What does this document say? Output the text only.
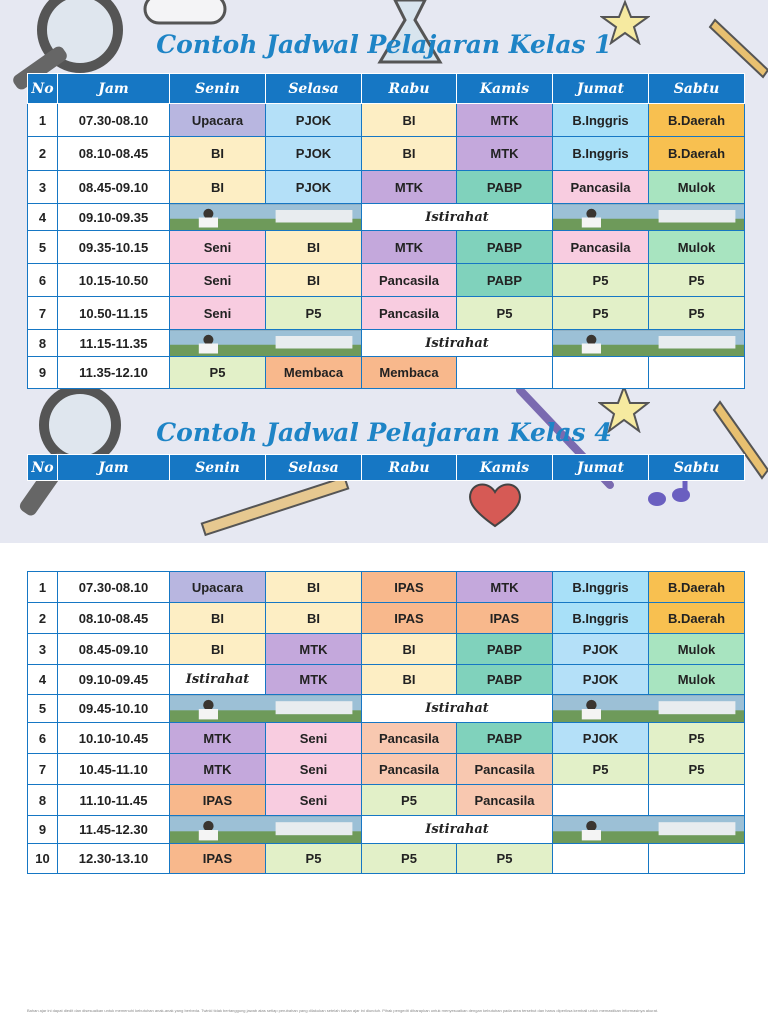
Contoh Jadwal Pelajaran Kelas 1
No	Jam	Senin	Selasa	Rabu	Kamis	Jumat	Sabtu
1	07.30-08.10	Upacara	PJOK	BI	MTK	B.Inggris	B.Daerah
2	08.10-08.45	BI	PJOK	BI	MTK	B.Inggris	B.Daerah
3	08.45-09.10	BI	PJOK	MTK	PABP	Pancasila	Mulok
4	09.10-09.35			Istirahat	

5	09.35-10.15	Seni	BI	MTK	PABP	Pancasila	Mulok
6	10.15-10.50	Seni	BI	Pancasila	PABP	P5	P5
7	10.50-11.15	Seni	P5	Pancasila	P5	P5	P5
8	11.15-11.35			Istirahat	

9	11.35-12.10	P5	Membaca	Membaca			
Contoh Jadwal Pelajaran Kelas 4
No	Jam	Senin	Selasa	Rabu	Kamis	Jumat	Sabtu
1	07.30-08.10	Upacara	BI	IPAS	MTK	B.Inggris	B.Daerah
2	08.10-08.45	BI	BI	IPAS	IPAS	B.Inggris	B.Daerah
3	08.45-09.10	BI	MTK	BI	PABP	PJOK	Mulok
4	09.10-09.45	Istirahat	MTK	BI	PABP	PJOK	Mulok
5	09.45-10.10			Istirahat	

6	10.10-10.45	MTK	Seni	Pancasila	PABP	PJOK	P5
7	10.45-11.10	MTK	Seni	Pancasila	Pancasila	P5	P5
8	11.10-11.45	IPAS	Seni	P5	Pancasila		
9	11.45-12.30			Istirahat	

10	12.30-13.10	IPAS	P5	P5	P5		
Bahan ajar ini dapat diedit dan disesuaikan untuk memenuhi kebutuhan anak-anak yang berbeda. Twinkl tidak bertanggung jawab atas setiap perubahan yang dilakukan setelah bahan ajar ini diunduh. Pihak pengedit diharapkan untuk menyesuaikan dengan kebutuhan pada area tersebut dan harus diperiksa kembali untuk memastikan informasinya akurat.
